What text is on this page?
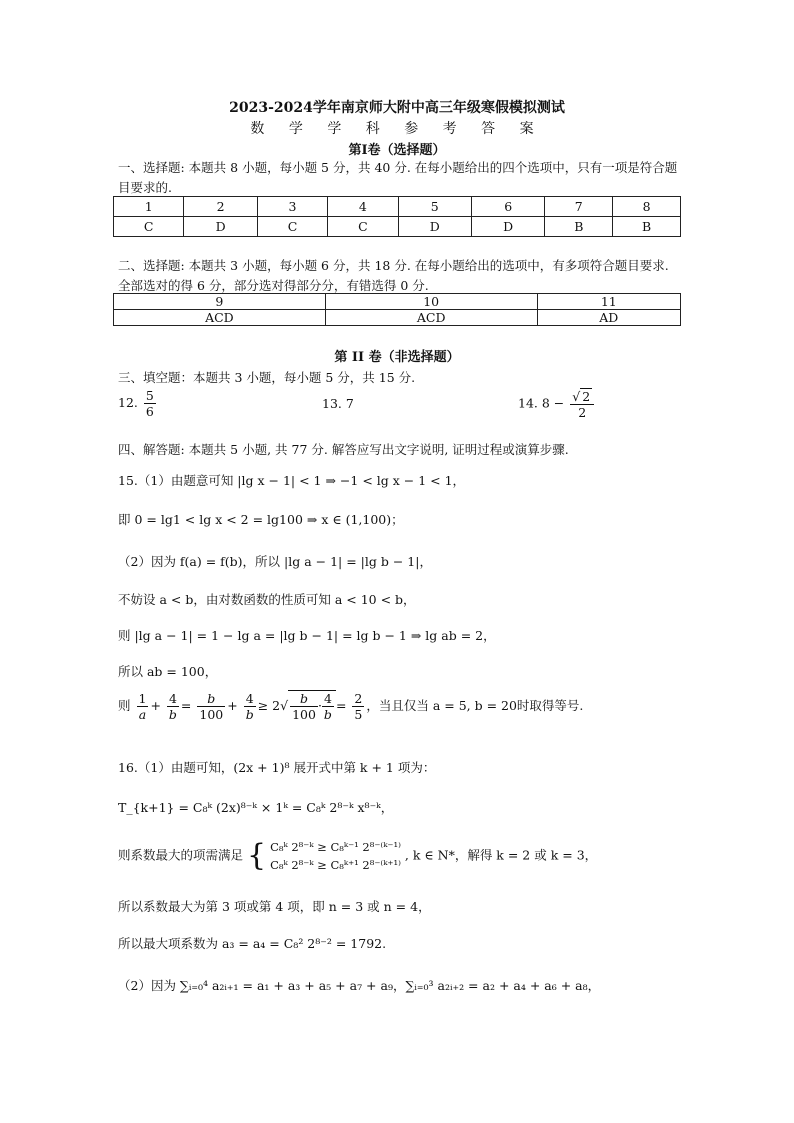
2023-2024学年南京师大附中高三年级寒假模拟测试
数 学 学 科 参 考 答 案
第Ⅰ卷（选择题）
一、选择题: 本题共 8 小题，每小题 5 分，共 40 分. 在每小题给出的四个选项中，只有一项是符合题目要求的.
1	2	3	4	5	6	7	8
C	D	C	C	D	D	B	B
二、选择题: 本题共 3 小题，每小题 6 分，共 18 分. 在每小题给出的选项中，有多项符合题目要求. 全部选对的得 6 分，部分选对得部分分，有错选得 0 分.
9	10	11
ACD	ACD	AD
第 II 卷（非选择题）
三、填空题：本题共 3 小题，每小题 5 分，共 15 分.
12. $\frac{5}{6}$	13. 7	14. $8 - \frac{√ 2}{2}$
四、解答题: 本题共 5 小题, 共 77 分. 解答应写出文字说明, 证明过程或演算步骤.
15.（1）由题意可知 |lg x − 1| < 1 ⇒ −1 < lg x − 1 < 1，
即 0 = lg1 < lg x < 2 = lg100 ⇒ x ∈ (1,100)；
（2）因为 f(a) = f(b)，所以 |lg a − 1| = |lg b − 1|，
不妨设 a < b，由对数函数的性质可知 a < 10 < b，
则 |lg a − 1| = 1 − lg a = |lg b − 1| = lg b − 1 ⇒ lg ab = 2，
所以 ab = 100，
则 $\frac{1}{a} + \frac{4}{b} = \frac{b}{100} + \frac{4}{b} \ge 2√ \frac{b}{100} \cdot \frac{4}{b} = \frac{2}{5}$ ，当且仅当 a = 5, b = 20时取得等号.
16.（1）由题可知，(2x + 1)⁸ 展开式中第 k + 1 项为：
T_{k+1} = C₈ᵏ (2x)⁸⁻ᵏ × 1ᵏ = C₈ᵏ 2⁸⁻ᵏ x⁸⁻ᵏ，
则系数最大的项需满足 { C₈ᵏ 2⁸⁻ᵏ ≥ C₈ᵏ⁻¹ 2⁸⁻⁽ᵏ⁻¹⁾
C₈ᵏ 2⁸⁻ᵏ ≥ C₈ᵏ⁺¹ 2⁸⁻⁽ᵏ⁺¹⁾
, k ∈ N*，解得 k = 2 或 k = 3，
所以系数最大为第 3 项或第 4 项，即 n = 3 或 n = 4，
所以最大项系数为 a₃ = a₄ = C₈² 2⁸⁻² = 1792.
（2）因为 ∑ᵢ₌₀⁴ a₂ᵢ₊₁ = a₁ + a₃ + a₅ + a₇ + a₉，∑ᵢ₌₀³ a₂ᵢ₊₂ = a₂ + a₄ + a₆ + a₈，
